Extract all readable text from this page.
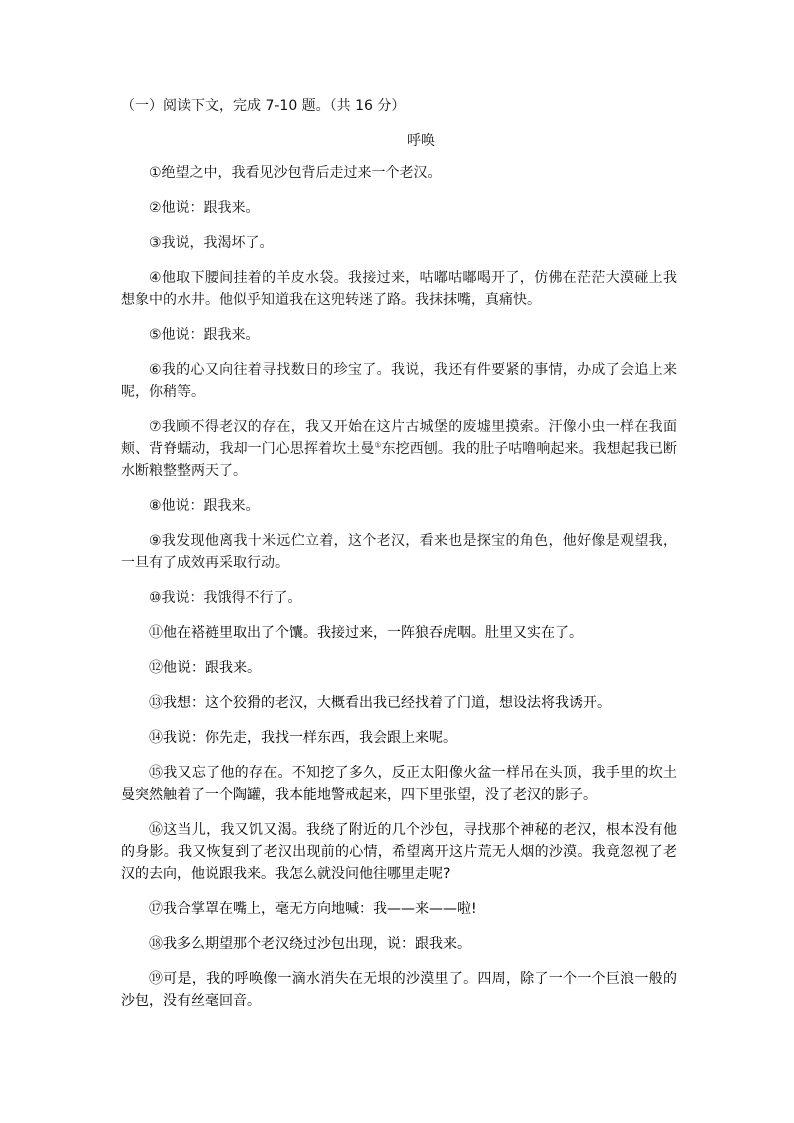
（一）阅读下文，完成 7-10 题。（共 16 分）
呼唤

①绝望之中，我看见沙包背后走过来一个老汉。

②他说：跟我来。

③我说，我渴坏了。

④他取下腰间挂着的羊皮水袋。我接过来，咕嘟咕嘟喝开了，仿佛在茫茫大漠碰上我想象中的水井。他似乎知道我在这兜转迷了路。我抹抹嘴，真痛快。

⑤他说：跟我来。

⑥我的心又向往着寻找数日的珍宝了。我说，我还有件要紧的事情，办成了会追上来呢，你稍等。

⑦我顾不得老汉的存在，我又开始在这片古城堡的废墟里摸索。汗像小虫一样在我面颊、背脊蠕动，我却一门心思挥着坎土曼①东挖西刨。我的肚子咕噜响起来。我想起我已断水断粮整整两天了。

⑧他说：跟我来。

⑨我发现他离我十米远伫立着，这个老汉，看来也是探宝的角色，他好像是观望我，一旦有了成效再采取行动。

⑩我说：我饿得不行了。

⑪他在褡裢里取出了个馕。我接过来，一阵狼吞虎咽。肚里又实在了。

⑫他说：跟我来。

⑬我想：这个狡猾的老汉，大概看出我已经找着了门道，想设法将我诱开。

⑭我说：你先走，我找一样东西，我会跟上来呢。

⑮我又忘了他的存在。不知挖了多久，反正太阳像火盆一样吊在头顶，我手里的坎土曼突然触着了一个陶罐，我本能地警戒起来，四下里张望，没了老汉的影子。

⑯这当儿，我又饥又渴。我绕了附近的几个沙包，寻找那个神秘的老汉，根本没有他的身影。我又恢复到了老汉出现前的心情，希望离开这片荒无人烟的沙漠。我竟忽视了老汉的去向，他说跟我来。我怎么就没问他往哪里走呢?

⑰我合掌罩在嘴上，毫无方向地喊：我——来——啦!

⑱我多么期望那个老汉绕过沙包出现，说：跟我来。

⑲可是，我的呼唤像一滴水消失在无垠的沙漠里了。四周，除了一个一个巨浪一般的沙包，没有丝毫回音。
